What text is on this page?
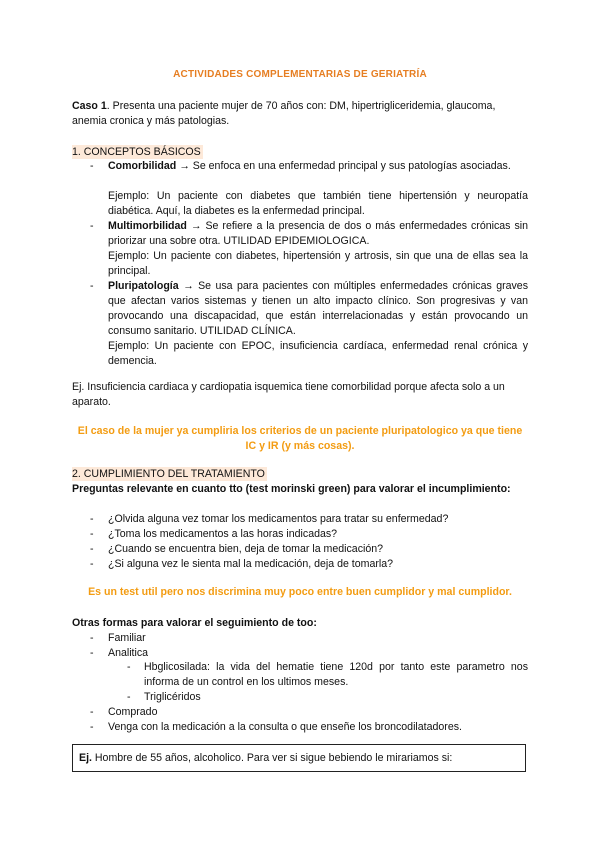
ACTIVIDADES COMPLEMENTARIAS DE GERIATRÍA

Caso 1. Presenta una paciente mujer de 70 años con: DM, hipertrigliceridemia, glaucoma, anemia cronica y más patologias.

1. CONCEPTOS BÁSICOS
- Comorbilidad → Se enfoca en una enfermedad principal y sus patologías asociadas.

Ejemplo: Un paciente con diabetes que también tiene hipertensión y neuropatía diabética. Aquí, la diabetes es la enfermedad principal.

- Multimorbilidad → Se refiere a la presencia de dos o más enfermedades crónicas sin priorizar una sobre otra. UTILIDAD EPIDEMIOLOGICA.

Ejemplo: Un paciente con diabetes, hipertensión y artrosis, sin que una de ellas sea la principal.

- Pluripatología → Se usa para pacientes con múltiples enfermedades crónicas graves que afectan varios sistemas y tienen un alto impacto clínico. Son progresivas y van provocando una discapacidad, que están interrelacionadas y están provocando un consumo sanitario. UTILIDAD CLÍNICA.

Ejemplo: Un paciente con EPOC, insuficiencia cardíaca, enfermedad renal crónica y demencia.

Ej. Insuficiencia cardiaca y cardiopatia isquemica tiene comorbilidad porque afecta solo a un aparato.

El caso de la mujer ya cumpliria los criterios de un paciente pluripatologico ya que tiene IC y IR (y más cosas).

2. CUMPLIMIENTO DEL TRATAMIENTO

Preguntas relevante en cuanto tto (test morinski green) para valorar el incumplimiento:

- ¿Olvida alguna vez tomar los medicamentos para tratar su enfermedad?

- ¿Toma los medicamentos a las horas indicadas?

- ¿Cuando se encuentra bien, deja de tomar la medicación?

- ¿Si alguna vez le sienta mal la medicación, deja de tomarla?

Es un test util pero nos discrimina muy poco entre buen cumplidor y mal cumplidor.

Otras formas para valorar el seguimiento de too:

- Familiar

- Analitica

- Hbglicosilada: la vida del hematie tiene 120d por tanto este parametro nos informa de un control en los ultimos meses.

- Triglicéridos

- Comprado

- Venga con la medicación a la consulta o que enseñe los broncodilatadores.

Ej. Hombre de 55 años, alcoholico. Para ver si sigue bebiendo le mirariamos si:
